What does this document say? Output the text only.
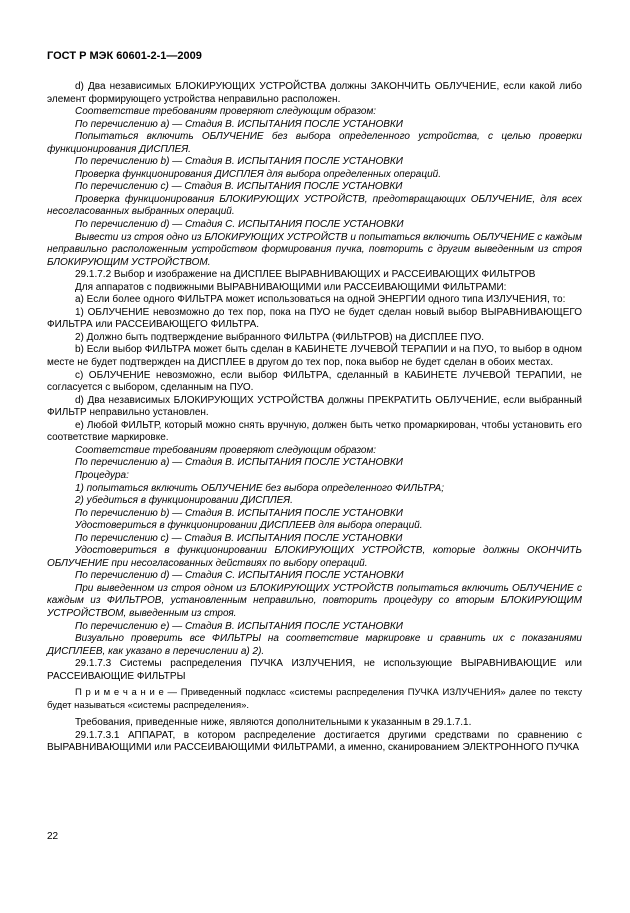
ГОСТ Р МЭК 60601-2-1—2009

d) Два независимых БЛОКИРУЮЩИХ УСТРОЙСТВА должны ЗАКОНЧИТЬ ОБЛУЧЕНИЕ, если какой либо элемент формирующего устройства неправильно расположен.

Соответствие требованиям проверяют следующим образом:

По перечислению а) — Стадия В. ИСПЫТАНИЯ ПОСЛЕ УСТАНОВКИ

Попытаться включить ОБЛУЧЕНИЕ без выбора определенного устройства, с целью проверки функционирования ДИСПЛЕЯ.

По перечислению b) — Стадия В. ИСПЫТАНИЯ ПОСЛЕ УСТАНОВКИ

Проверка функционирования ДИСПЛЕЯ для выбора определенных операций.

По перечислению с) — Стадия В. ИСПЫТАНИЯ ПОСЛЕ УСТАНОВКИ

Проверка функционирования БЛОКИРУЮЩИХ УСТРОЙСТВ, предотвращающих ОБЛУЧЕНИЕ, для всех несогласованных выбранных операций.

По перечислению d) — Стадия С. ИСПЫТАНИЯ ПОСЛЕ УСТАНОВКИ

Вывести из строя одно из БЛОКИРУЮЩИХ УСТРОЙСТВ и попытаться включить ОБЛУЧЕНИЕ с каждым неправильно расположенным устройством формирования пучка, повторить с другим выведенным из строя БЛОКИРУЮЩИМ УСТРОЙСТВОМ.

29.1.7.2 Выбор и изображение на ДИСПЛЕЕ ВЫРАВНИВАЮЩИХ и РАССЕИВАЮЩИХ ФИЛЬТРОВ

Для аппаратов с подвижными ВЫРАВНИВАЮЩИМИ или РАССЕИВАЮЩИМИ ФИЛЬТРАМИ:

а) Если более одного ФИЛЬТРА может использоваться на одной ЭНЕРГИИ одного типа ИЗЛУЧЕНИЯ, то:

1) ОБЛУЧЕНИЕ невозможно до тех пор, пока на ПУО не будет сделан новый выбор ВЫРАВНИВАЮЩЕГО ФИЛЬТРА или РАССЕИВАЮЩЕГО ФИЛЬТРА.

2) Должно быть подтверждение выбранного ФИЛЬТРА (ФИЛЬТРОВ) на ДИСПЛЕЕ ПУО.

b) Если выбор ФИЛЬТРА может быть сделан в КАБИНЕТЕ ЛУЧЕВОЙ ТЕРАПИИ и на ПУО, то выбор в одном месте не будет подтвержден на ДИСПЛЕЕ в другом до тех пор, пока выбор не будет сделан в обоих местах.

с) ОБЛУЧЕНИЕ невозможно, если выбор ФИЛЬТРА, сделанный в КАБИНЕТЕ ЛУЧЕВОЙ ТЕРАПИИ, не согласуется с выбором, сделанным на ПУО.

d) Два независимых БЛОКИРУЮЩИХ УСТРОЙСТВА должны ПРЕКРАТИТЬ ОБЛУЧЕНИЕ, если выбранный ФИЛЬТР неправильно установлен.

е) Любой ФИЛЬТР, который можно снять вручную, должен быть четко промаркирован, чтобы установить его соответствие маркировке.

Соответствие требованиям проверяют следующим образом:

По перечислению а) — Стадия В. ИСПЫТАНИЯ ПОСЛЕ УСТАНОВКИ

Процедура:

1) попытаться включить ОБЛУЧЕНИЕ без выбора определенного ФИЛЬТРА;

2) убедиться в функционировании ДИСПЛЕЯ.

По перечислению b) — Стадия В. ИСПЫТАНИЯ ПОСЛЕ УСТАНОВКИ

Удостовериться в функционировании ДИСПЛЕЕВ для выбора операций.

По перечислению с) — Стадия В. ИСПЫТАНИЯ ПОСЛЕ УСТАНОВКИ

Удостовериться в функционировании БЛОКИРУЮЩИХ УСТРОЙСТВ, которые должны ОКОНЧИТЬ ОБЛУЧЕНИЕ при несогласованных действиях по выбору операций.

По перечислению d) — Стадия С. ИСПЫТАНИЯ ПОСЛЕ УСТАНОВКИ

При выведенном из строя одном из БЛОКИРУЮЩИХ УСТРОЙСТВ попытаться включить ОБЛУЧЕНИЕ с каждым из ФИЛЬТРОВ, установленным неправильно, повторить процедуру со вторым БЛОКИРУЮЩИМ УСТРОЙСТВОМ, выведенным из строя.

По перечислению е) — Стадия В. ИСПЫТАНИЯ ПОСЛЕ УСТАНОВКИ

Визуально проверить все ФИЛЬТРЫ на соответствие маркировке и сравнить их с показаниями ДИСПЛЕЕВ, как указано в перечислении а) 2).

29.1.7.3 Системы распределения ПУЧКА ИЗЛУЧЕНИЯ, не использующие ВЫРАВНИВАЮЩИЕ или РАССЕИВАЮЩИЕ ФИЛЬТРЫ

П р и м е ч а н и е — Приведенный подкласс «системы распределения ПУЧКА ИЗЛУЧЕНИЯ» далее по тексту будет называться «системы распределения».

Требования, приведенные ниже, являются дополнительными к указанным в 29.1.7.1.

29.1.7.3.1 АППАРАТ, в котором распределение достигается другими средствами по сравнению с ВЫРАВНИВАЮЩИМИ или РАССЕИВАЮЩИМИ ФИЛЬТРАМИ, а именно, сканированием ЭЛЕКТРОННОГО ПУЧКА

22
